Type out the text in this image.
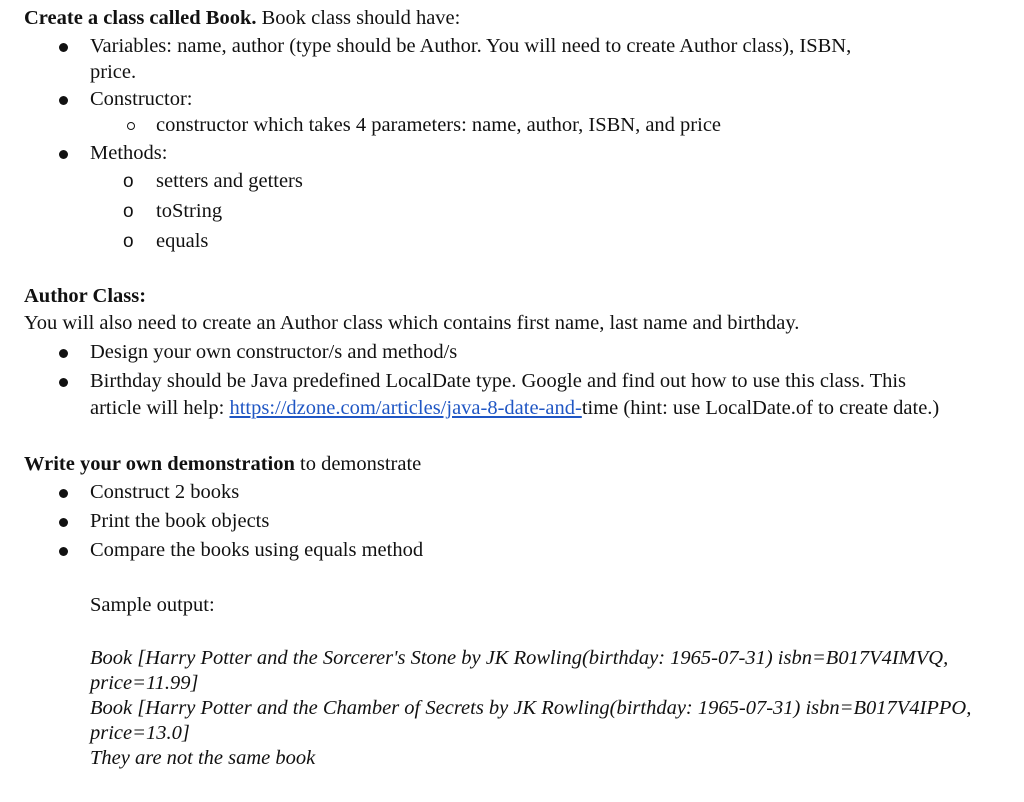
Create a class called Book. Book class should have:
Variables: name, author (type should be Author. You will need to create Author class), ISBN,
price.
Constructor:
constructor which takes 4 parameters: name, author, ISBN, and price
Methods:
o setters and getters
o toString
o equals
Author Class:
You will also need to create an Author class which contains first name, last name and birthday.
Design your own constructor/s and method/s
Birthday should be Java predefined LocalDate type. Google and find out how to use this class. This
article will help: https://dzone.com/articles/java-8-date-and-time (hint: use LocalDate.of to create date.)
Write your own demonstration to demonstrate
Construct 2 books
Print the book objects
Compare the books using equals method
Sample output:
Book [Harry Potter and the Sorcerer's Stone by JK Rowling(birthday: 1965-07-31) isbn=B017V4IMVQ,
price=11.99]
Book [Harry Potter and the Chamber of Secrets by JK Rowling(birthday: 1965-07-31) isbn=B017V4IPPO,
price=13.0]
They are not the same book
